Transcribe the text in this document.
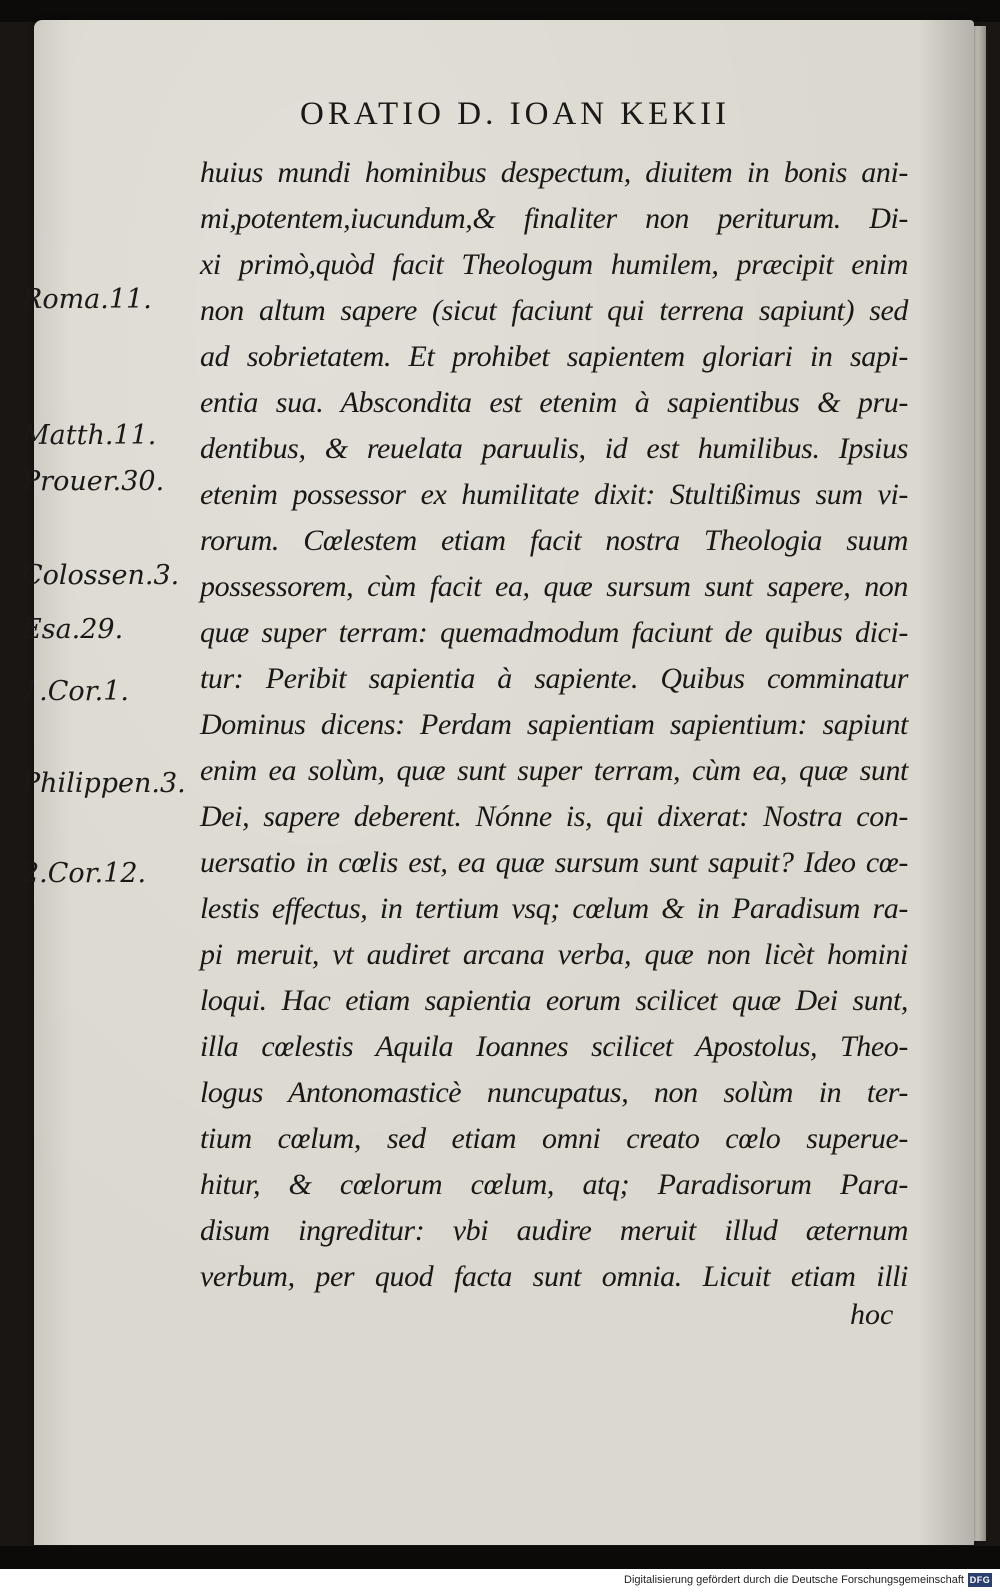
ORATIO D. IOAN KEKII
Roma.11.
Matth.11.
Prouer.30.
Colossen.3.
Esa.29.
1.Cor.1.
Philippen.3.
2.Cor.12.
huius mundi hominibus despectum, diuitem in bonis ani-
mi,potentem,iucundum,& finaliter non periturum. Di-
xi primò,quòd facit Theologum humilem, præcipit enim
non altum sapere (sicut faciunt qui terrena sapiunt) sed
ad sobrietatem. Et prohibet sapientem gloriari in sapi-
entia sua. Abscondita est etenim à sapientibus & pru-
dentibus, & reuelata paruulis, id est humilibus. Ipsius
etenim possessor ex humilitate dixit: Stultißimus sum vi-
rorum. Cœlestem etiam facit nostra Theologia suum
possessorem, cùm facit ea, quæ sursum sunt sapere, non
quæ super terram: quemadmodum faciunt de quibus dici-
tur: Peribit sapientia à sapiente. Quibus comminatur
Dominus dicens: Perdam sapientiam sapientium: sapiunt
enim ea solùm, quæ sunt super terram, cùm ea, quæ sunt
Dei, sapere deberent. Nónne is, qui dixerat: Nostra con-
uersatio in cœlis est, ea quæ sursum sunt sapuit? Ideo cœ-
lestis effectus, in tertium vsq; cœlum & in Paradisum ra-
pi meruit, vt audiret arcana verba, quæ non licèt homini
loqui. Hac etiam sapientia eorum scilicet quæ Dei sunt,
illa cœlestis Aquila Ioannes scilicet Apostolus, Theo-
logus Antonomasticè nuncupatus, non solùm in ter-
tium cœlum, sed etiam omni creato cœlo superue-
hitur, & cœlorum cœlum, atq; Paradisorum Para-
disum ingreditur: vbi audire meruit illud æternum
verbum, per quod facta sunt omnia. Licuit etiam illi
hoc
Digitalisierung gefördert durch die Deutsche Forschungsgemeinschaft DFG
